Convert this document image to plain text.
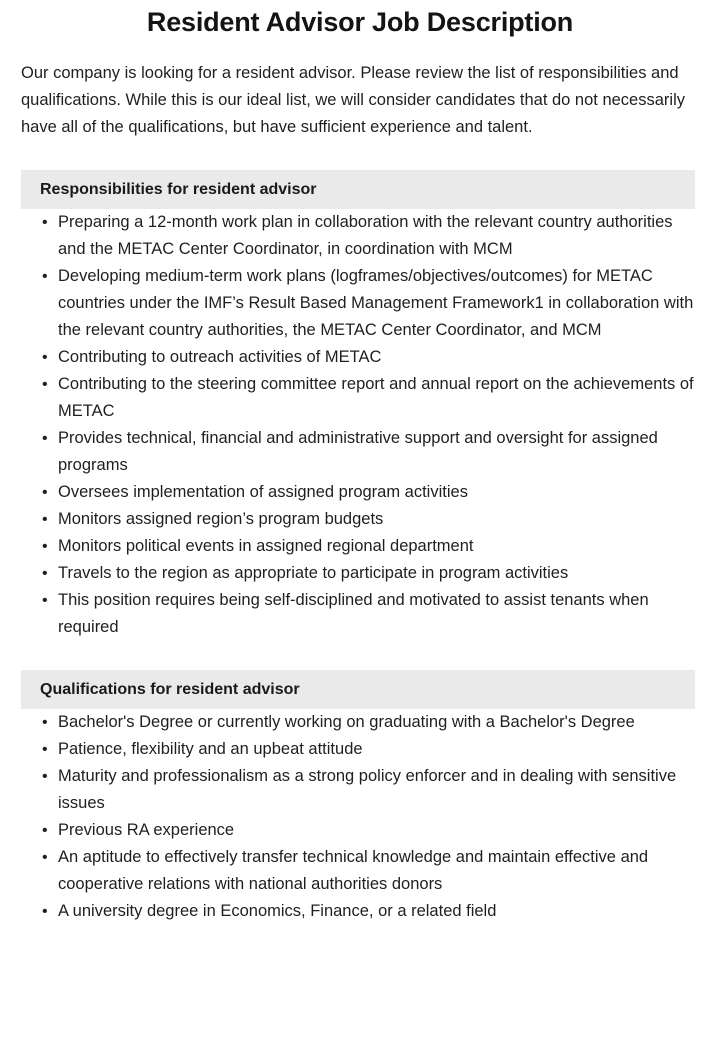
Resident Advisor Job Description

Our company is looking for a resident advisor. Please review the list of responsibilities and qualifications. While this is our ideal list, we will consider candidates that do not necessarily have all of the qualifications, but have sufficient experience and talent.

Responsibilities for resident advisor
• Preparing a 12-month work plan in collaboration with the relevant country authorities and the METAC Center Coordinator, in coordination with MCM
• Developing medium-term work plans (logframes/objectives/outcomes) for METAC countries under the IMF’s Result Based Management Framework1 in collaboration with the relevant country authorities, the METAC Center Coordinator, and MCM
• Contributing to outreach activities of METAC
• Contributing to the steering committee report and annual report on the achievements of METAC
• Provides technical, financial and administrative support and oversight for assigned programs
• Oversees implementation of assigned program activities
• Monitors assigned region’s program budgets
• Monitors political events in assigned regional department
• Travels to the region as appropriate to participate in program activities
• This position requires being self-disciplined and motivated to assist tenants when required
Qualifications for resident advisor
• Bachelor's Degree or currently working on graduating with a Bachelor's Degree
• Patience, flexibility and an upbeat attitude
• Maturity and professionalism as a strong policy enforcer and in dealing with sensitive issues
• Previous RA experience
• An aptitude to effectively transfer technical knowledge and maintain effective and cooperative relations with national authorities donors
• A university degree in Economics, Finance, or a related field
